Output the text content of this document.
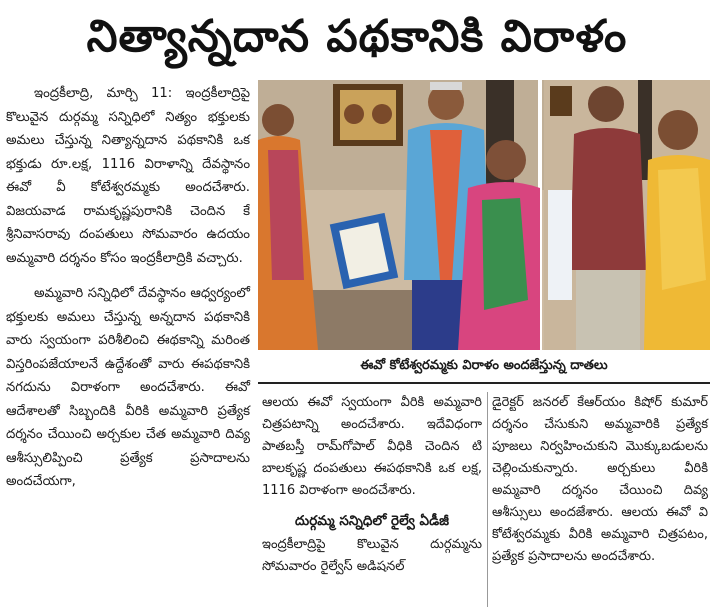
నిత్యాన్నదాన పథకానికి విరాళం

ఇంద్రకీలాద్రి, మార్చి 11: ఇంద్రకీలాద్రిపై కొలువైన దుర్గమ్మ సన్నిధిలో నిత్యం భక్తులకు అమలు చేస్తున్న నిత్యాన్నదాన పథకానికి ఒక భక్తుడు రూ.లక్ష, 1116 విరాళాన్ని దేవస్థానం ఈవో వీ కోటేశ్వరమ్మకు అందచేశారు. విజయవాడ రామకృష్ణపురానికి చెందిన కే శ్రీనివాసరావు దంపతులు సోమవారం ఉదయం అమ్మవారి దర్శనం కోసం ఇంద్రకీలాద్రికి వచ్చారు.

అమ్మవారి సన్నిధిలో దేవస్థానం ఆధ్వర్యంలో భక్తులకు అమలు చేస్తున్న అన్నదాన పథకానికి వారు స్వయంగా పరిశీలించి ఈథకాన్ని మరింత విస్తరింపజేయాలనే ఉద్దేశంతో వారు ఈపథకానికి నగదును విరాళంగా అందచేశారు. ఈవో ఆదేశాలతో సిబ్బందికి వీరికి అమ్మవారి ప్రత్యేక దర్శనం చేయించి అర్చకుల చేత అమ్మవారి దివ్య ఆశీస్సులిప్పించి ప్రత్యేక ప్రసాదాలను అందచేయగా,

ఈవో కోటేశ్వరమ్మకు విరాళం అందజేస్తున్న దాతలు

ఆలయ ఈవో స్వయంగా వీరికి అమ్మవారి చిత్రపటాన్ని అందచేశారు. ఇదేవిధంగా పాతబస్తీ రామ్‌గోపాల్ వీధికి చెందిన టి బాలకృష్ణ దంపతులు ఈపథకానికి ఒక లక్ష, 1116 విరాళంగా అందచేశారు.

దుర్గమ్మ సన్నిధిలో రైల్వే ఏడీజీ

ఇంద్రకీలాద్రిపై కొలువైన దుర్గమ్మను సోమవారం రైల్వేస్ అడిషనల్

డైరెక్టర్ జనరల్ కేఆర్‌యం కిషోర్ కుమార్ దర్శనం చేసుకుని అమ్మవారికి ప్రత్యేక పూజలు నిర్వహించుకుని మొక్కుబడులను చెల్లించుకున్నారు. అర్చకులు వీరికి అమ్మవారి దర్శనం చేయించి దివ్య ఆశీస్సులు అందజేశారు. ఆలయ ఈవో వి కోటేశ్వరమ్మకు వీరికి అమ్మవారి చిత్రపటం, ప్రత్యేక ప్రసాదాలను అందచేశారు.
